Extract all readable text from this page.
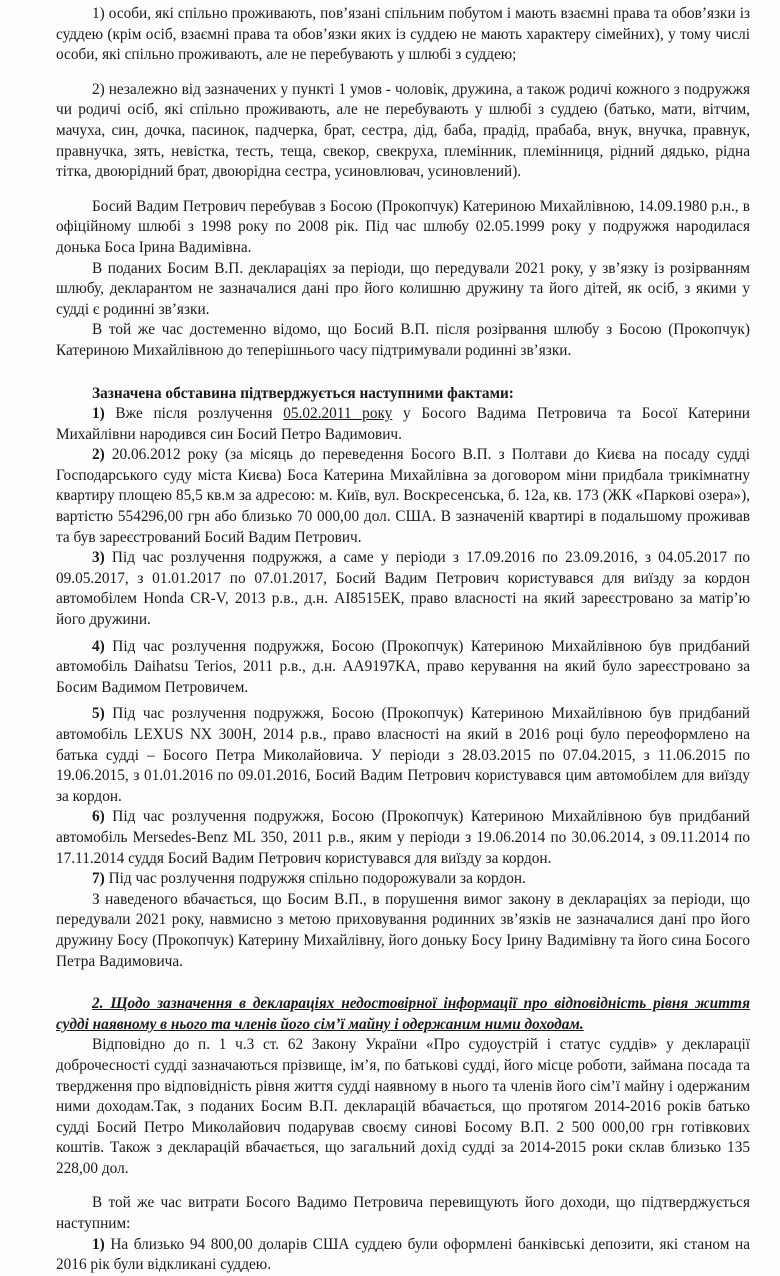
1) особи, які спільно проживають, пов’язані спільним побутом і мають взаємні права та обов’язки із суддею (крім осіб, взаємні права та обов’язки яких із суддею не мають характеру сімейних), у тому числі особи, які спільно проживають, але не перебувають у шлюбі з суддею;

2) незалежно від зазначених у пункті 1 умов - чоловік, дружина, а також родичі кожного з подружжя чи родичі осіб, які спільно проживають, але не перебувають у шлюбі з суддею (батько, мати, вітчим, мачуха, син, дочка, пасинок, падчерка, брат, сестра, дід, баба, прадід, прабаба, внук, внучка, правнук, правнучка, зять, невістка, тесть, теща, свекор, свекруха, племінник, племінниця, рідний дядько, рідна тітка, двоюрідний брат, двоюрідна сестра, усиновлювач, усиновлений).

Босий Вадим Петрович перебував з Босою (Прокопчук) Катериною Михайлівною, 14.09.1980 р.н., в офіційному шлюбі з 1998 року по 2008 рік. Під час шлюбу 02.05.1999 року у подружжя народилася донька Боса Ірина Вадимівна.

В поданих Босим В.П. деклараціях за періоди, що передували 2021 року, у зв’язку із розірванням шлюбу, декларантом не зазначалися дані про його колишню дружину та його дітей, як осіб, з якими у судді є родинні зв’язки.

В той же час достеменно відомо, що Босий В.П. після розірвання шлюбу з Босою (Прокопчук) Катериною Михайлівною до теперішнього часу підтримували родинні зв’язки.

Зазначена обставина підтверджується наступними фактами:

1) Вже після розлучення 05.02.2011 року у Босого Вадима Петровича та Босої Катерини Михайлівни народився син Босий Петро Вадимович.

2) 20.06.2012 року (за місяць до переведення Босого В.П. з Полтави до Києва на посаду судді Господарського суду міста Києва) Боса Катерина Михайлівна за договором міни придбала трикімнатну квартиру площею 85,5 кв.м за адресою: м. Київ, вул. Воскресенська, б. 12а, кв. 173 (ЖК «Паркові озера»), вартістю 554296,00 грн або близько 70 000,00 дол. США. В зазначеній квартирі в подальшому проживав та був зареєстрований Босий Вадим Петрович.

3) Під час розлучення подружжя, а саме у періоди з 17.09.2016 по 23.09.2016, з 04.05.2017 по 09.05.2017, з 01.01.2017 по 07.01.2017, Босий Вадим Петрович користувався для виїзду за кордон автомобілем Honda CR-V, 2013 р.в., д.н. АІ8515ЕК, право власності на який зареєстровано за матір’ю його дружини.

4) Під час розлучення подружжя, Босою (Прокопчук) Катериною Михайлівною був придбаний автомобіль Daihatsu Terios, 2011 р.в., д.н. АА9197КА, право керування на який було зареєстровано за Босим Вадимом Петровичем.

5) Під час розлучення подружжя, Босою (Прокопчук) Катериною Михайлівною був придбаний автомобіль LEXUS NX 300H, 2014 р.в., право власності на який в 2016 році було переоформлено на батька судді – Босого Петра Миколайовича. У періоди з 28.03.2015 по 07.04.2015, з 11.06.2015 по 19.06.2015, з 01.01.2016 по 09.01.2016, Босий Вадим Петрович користувався цим автомобілем для виїзду за кордон.

6) Під час розлучення подружжя, Босою (Прокопчук) Катериною Михайлівною був придбаний автомобіль Mersedes-Benz ML 350, 2011 р.в., яким у періоди з 19.06.2014 по 30.06.2014, з 09.11.2014 по 17.11.2014 суддя Босий Вадим Петрович користувався для виїзду за кордон.

7) Під час розлучення подружжя спільно подорожували за кордон.

З наведеного вбачається, що Босим В.П., в порушення вимог закону в деклараціях за періоди, що передували 2021 року, навмисно з метою приховування родинних зв’язків не зазначалися дані про його дружину Босу (Прокопчук) Катерину Михайлівну, його доньку Босу Ірину Вадимівну та його сина Босого Петра Вадимовича.

2. Щодо зазначення в деклараціях недостовірної інформації про відповідність рівня життя судді наявному в нього та членів його сім’ї майну і одержаним ними доходам.

Відповідно до п. 1 ч.3 ст. 62 Закону України «Про судоустрій і статус суддів» у декларації доброчесності судді зазначаються прізвище, ім’я, по батькові судді, його місце роботи, займана посада та твердження про відповідність рівня життя судді наявному в нього та членів його сім’ї майну і одержаним ними доходам.Так, з поданих Босим В.П. декларацій вбачається, що протягом 2014-2016 років батько судді Босий Петро Миколайович подарував своєму синові Босому В.П. 2 500 000,00 грн готівкових коштів. Також з декларацій вбачається, що загальний дохід судді за 2014-2015 роки склав близько 135 228,00 дол.

В той же час витрати Босого Вадимо Петровича перевищують його доходи, що підтверджується наступним:

1) На близько 94 800,00 доларів США суддею були оформлені банківські депозити, які станом на 2016 рік були відкликані суддею.
